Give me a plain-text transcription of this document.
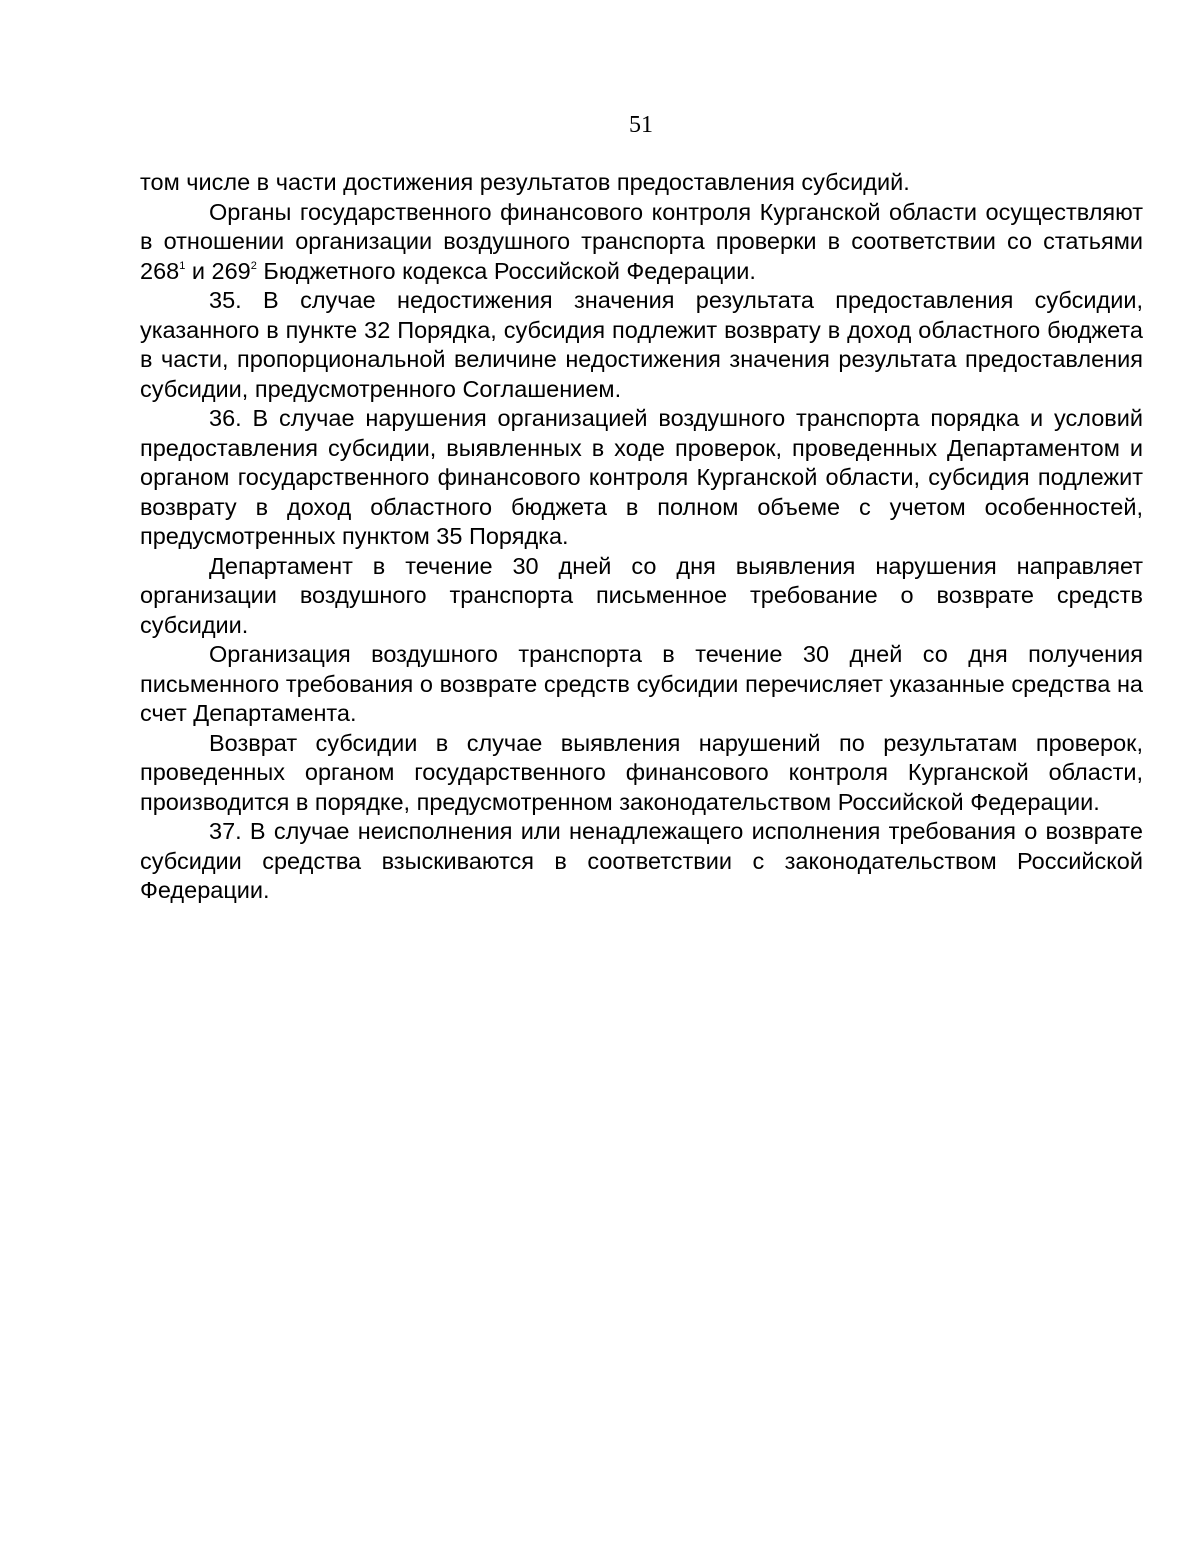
51

том числе в части достижения результатов предоставления субсидий.

Органы государственного финансового контроля Курганской области осуществляют в отношении организации воздушного транспорта проверки в соответствии со статьями $268^1$ и $269^2$ Бюджетного кодекса Российской Федерации.

35. В случае недостижения значения результата предоставления субсидии, указанного в пункте 32 Порядка, субсидия подлежит возврату в доход областного бюджета в части, пропорциональной величине недостижения значения результата предоставления субсидии, предусмотренного Соглашением.

36. В случае нарушения организацией воздушного транспорта порядка и условий предоставления субсидии, выявленных в ходе проверок, проведенных Департаментом и органом государственного финансового контроля Курганской области, субсидия подлежит возврату в доход областного бюджета в полном объеме с учетом особенностей, предусмотренных пунктом 35 Порядка.

Департамент в течение 30 дней со дня выявления нарушения направляет организации воздушного транспорта письменное требование о возврате средств субсидии.

Организация воздушного транспорта в течение 30 дней со дня получения письменного требования о возврате средств субсидии перечисляет указанные средства на счет Департамента.

Возврат субсидии в случае выявления нарушений по результатам проверок, проведенных органом государственного финансового контроля Курганской области, производится в порядке, предусмотренном законодательством Российской Федерации.

37. В случае неисполнения или ненадлежащего исполнения требования о возврате субсидии средства взыскиваются в соответствии с законодательством Российской Федерации.
